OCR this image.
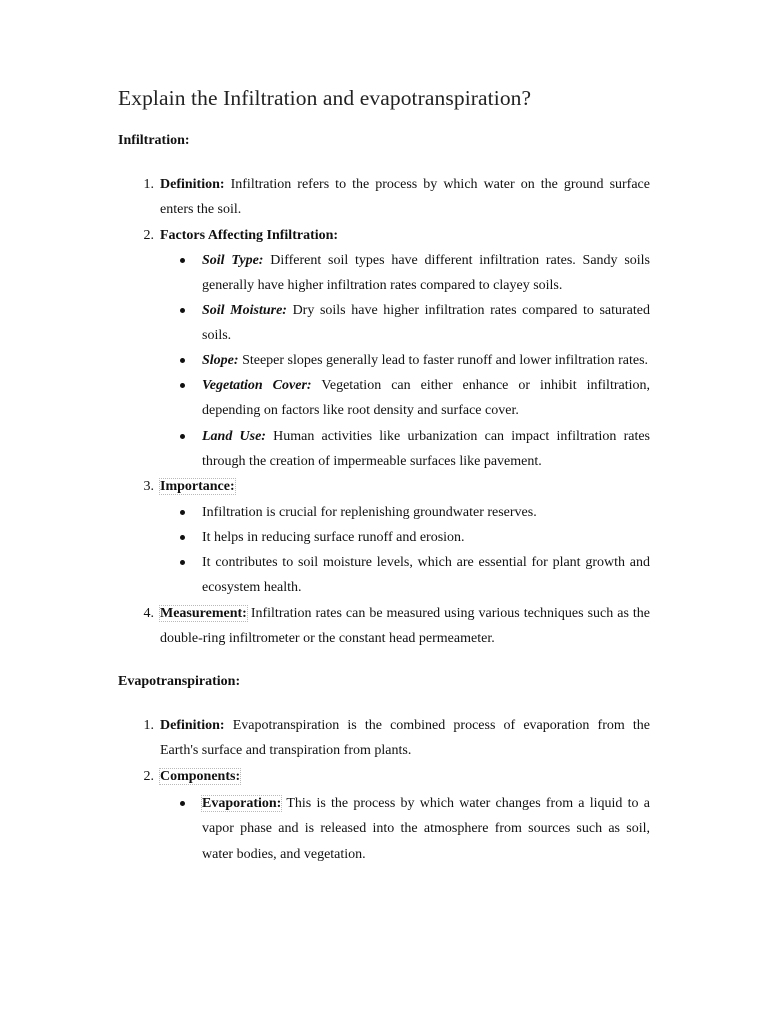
Explain the Infiltration and evapotranspiration?
Infiltration:
1. Definition: Infiltration refers to the process by which water on the ground surface enters the soil.
2. Factors Affecting Infiltration:
Soil Type: Different soil types have different infiltration rates. Sandy soils generally have higher infiltration rates compared to clayey soils.
Soil Moisture: Dry soils have higher infiltration rates compared to saturated soils.
Slope: Steeper slopes generally lead to faster runoff and lower infiltration rates.
Vegetation Cover: Vegetation can either enhance or inhibit infiltration, depending on factors like root density and surface cover.
Land Use: Human activities like urbanization can impact infiltration rates through the creation of impermeable surfaces like pavement.
3. Importance:
Infiltration is crucial for replenishing groundwater reserves.
It helps in reducing surface runoff and erosion.
It contributes to soil moisture levels, which are essential for plant growth and ecosystem health.
4. Measurement: Infiltration rates can be measured using various techniques such as the double-ring infiltrometer or the constant head permeameter.
Evapotranspiration:
1. Definition: Evapotranspiration is the combined process of evaporation from the Earth's surface and transpiration from plants.
2. Components:
Evaporation: This is the process by which water changes from a liquid to a vapor phase and is released into the atmosphere from sources such as soil, water bodies, and vegetation.
